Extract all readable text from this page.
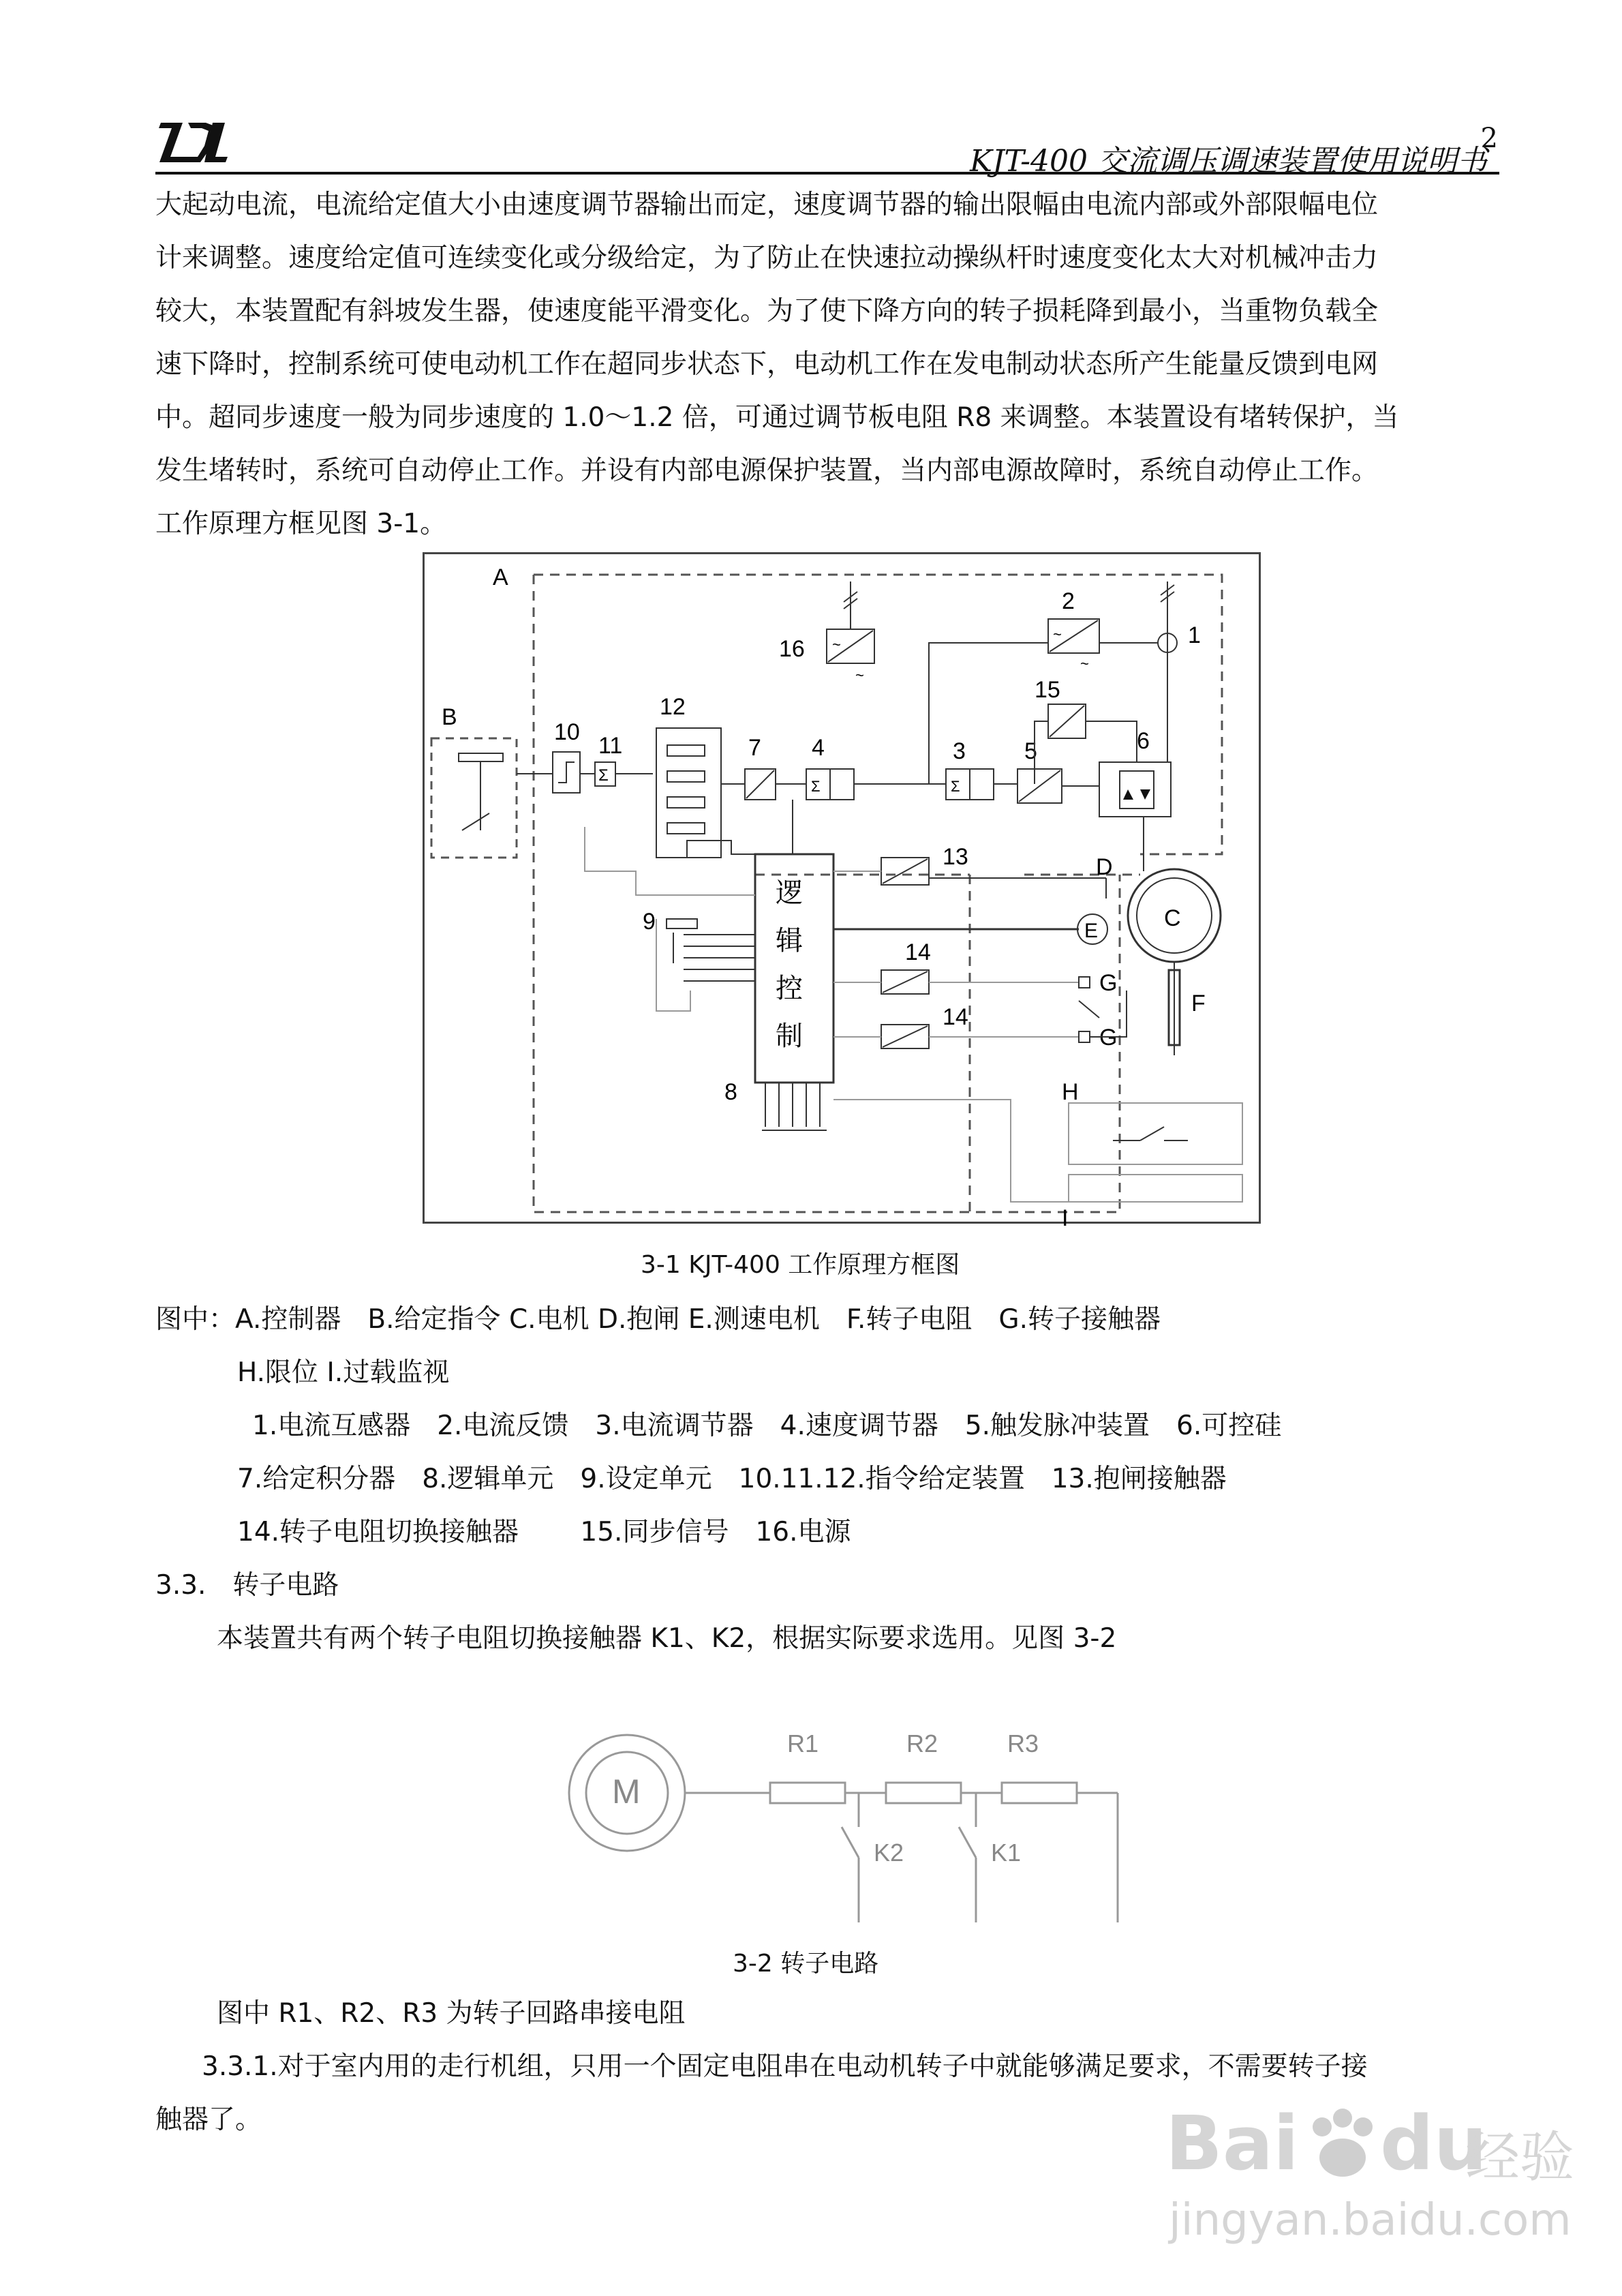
KJT-400 交流调压调速装置使用说明书
2
大起动电流，电流给定值大小由速度调节器输出而定，速度调节器的输出限幅由电流内部或外部限幅电位
计来调整。速度给定值可连续变化或分级给定，为了防止在快速拉动操纵杆时速度变化太大对机械冲击力
较大，本装置配有斜坡发生器，使速度能平滑变化。为了使下降方向的转子损耗降到最小，当重物负载全
速下降时，控制系统可使电动机工作在超同步状态下，电动机工作在发电制动状态所产生能量反馈到电网
中。超同步速度一般为同步速度的 1.0～1.2 倍，可通过调节板电阻 R8 来调整。本装置设有堵转保护，当
发生堵转时，系统可自动停止工作。并设有内部电源保护装置，当内部电源故障时，系统自动停止工作。
工作原理方框见图 3-1。
A
B
10
11
Σ
12
7 4
Σ
3
Σ
5	6
15
2
~
~
1
16 ~
~
逻
辑
控
制
8
9
13	D
E	C
14
G
14
G
F
H
I
3-1 KJT-400 工作原理方框图
图中：A.控制器　B.给定指令 C.电机 D.抱闸 E.测速电机　F.转子电阻　G.转子接触器
H.限位 I.过载监视
1.电流互感器　2.电流反馈　3.电流调节器　4.速度调节器　5.触发脉冲装置　6.可控硅
7.给定积分器　8.逻辑单元　9.设定单元　10.11.12.指令给定装置　13.抱闸接触器
14.转子电阻切换接触器　　 15.同步信号　16.电源
3.3.　转子电路
本装置共有两个转子电阻切换接触器 K1、K2，根据实际要求选用。见图 3-2
M
R1	R2	R3
K2	K1
3-2 转子电路
图中 R1、R2、R3 为转子回路串接电阻
3.3.1.对于室内用的走行机组，只用一个固定电阻串在电动机转子中就能够满足要求，不需要转子接
触器了。	Bai du
经验
jingyan.baidu.com
